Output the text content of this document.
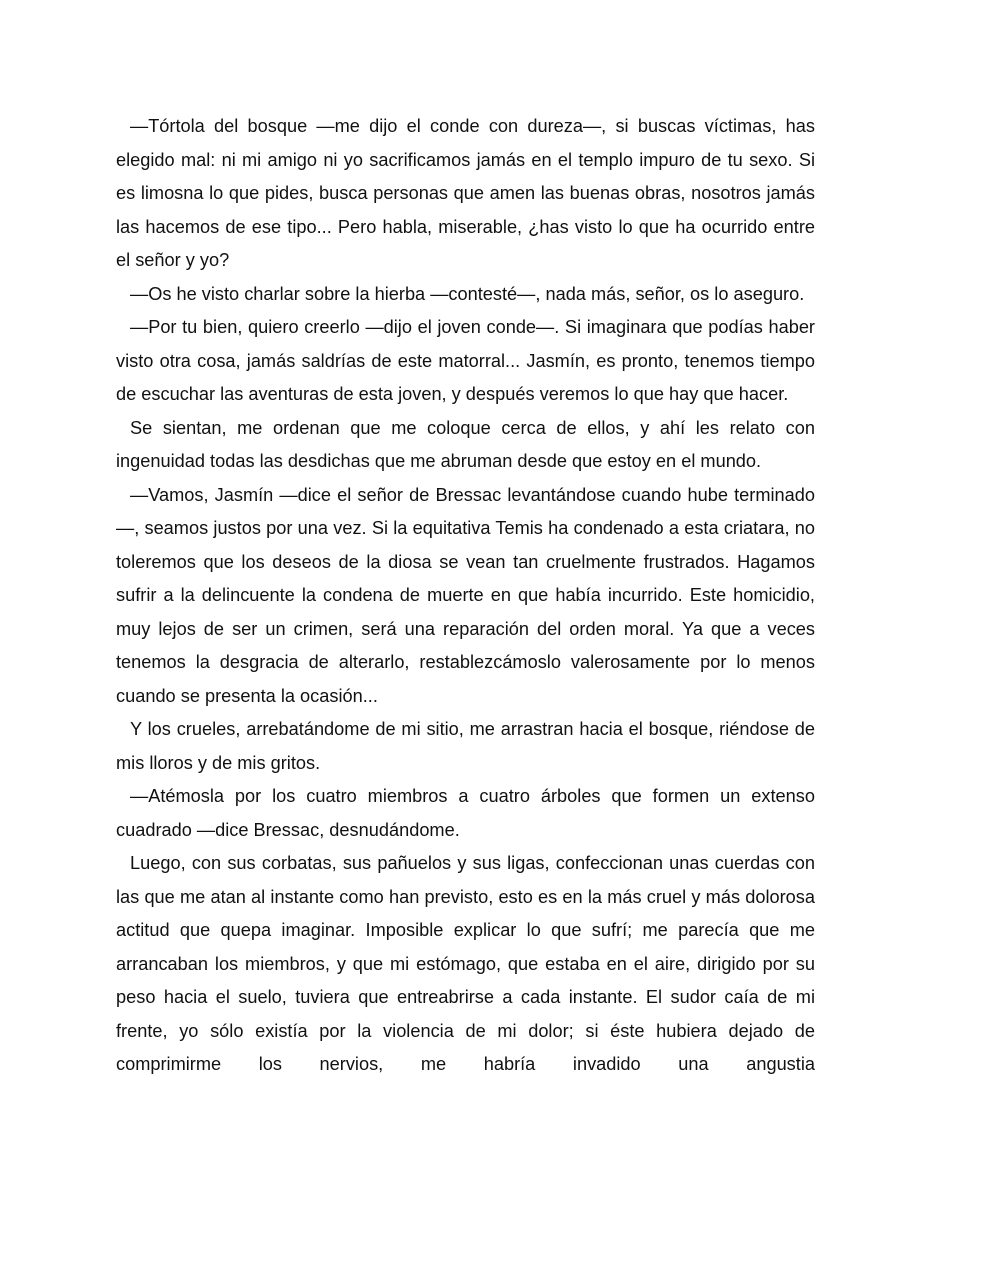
—Tórtola del bosque —me dijo el conde con dureza—, si buscas víctimas, has elegido mal: ni mi amigo ni yo sacrificamos jamás en el templo impuro de tu sexo. Si es limosna lo que pides, busca personas que amen las buenas obras, nosotros jamás las hacemos de ese tipo... Pero habla, miserable, ¿has visto lo que ha ocurrido entre el señor y yo?

—Os he visto charlar sobre la hierba —contesté—, nada más, señor, os lo aseguro.

—Por tu bien, quiero creerlo —dijo el joven conde—. Si imaginara que podías haber visto otra cosa, jamás saldrías de este matorral... Jasmín, es pronto, tenemos tiempo de escuchar las aventuras de esta joven, y después veremos lo que hay que hacer.

Se sientan, me ordenan que me coloque cerca de ellos, y ahí les relato con ingenuidad todas las desdichas que me abruman desde que estoy en el mundo.

—Vamos, Jasmín —dice el señor de Bressac levantándose cuando hube terminado—, seamos justos por una vez. Si la equitativa Temis ha condenado a esta criatara, no toleremos que los deseos de la diosa se vean tan cruelmente frustrados. Hagamos sufrir a la delincuente la condena de muerte en que había incurrido. Este homicidio, muy lejos de ser un crimen, será una reparación del orden moral. Ya que a veces tenemos la desgracia de alterarlo, restablezcámoslo valerosamente por lo menos cuando se presenta la ocasión...

Y los crueles, arrebatándome de mi sitio, me arrastran hacia el bosque, riéndose de mis lloros y de mis gritos.

—Atémosla por los cuatro miembros a cuatro árboles que formen un extenso cuadrado —dice Bressac, desnudándome.

Luego, con sus corbatas, sus pañuelos y sus ligas, confeccionan unas cuerdas con las que me atan al instante como han previsto, esto es en la más cruel y más dolorosa actitud que quepa imaginar. Imposible explicar lo que sufrí; me parecía que me arrancaban los miembros, y que mi estómago, que estaba en el aire, dirigido por su peso hacia el suelo, tuviera que entreabrirse a cada instante. El sudor caía de mi frente, yo sólo existía por la violencia de mi dolor; si éste hubiera dejado de comprimirme los nervios, me habría invadido una angustia
